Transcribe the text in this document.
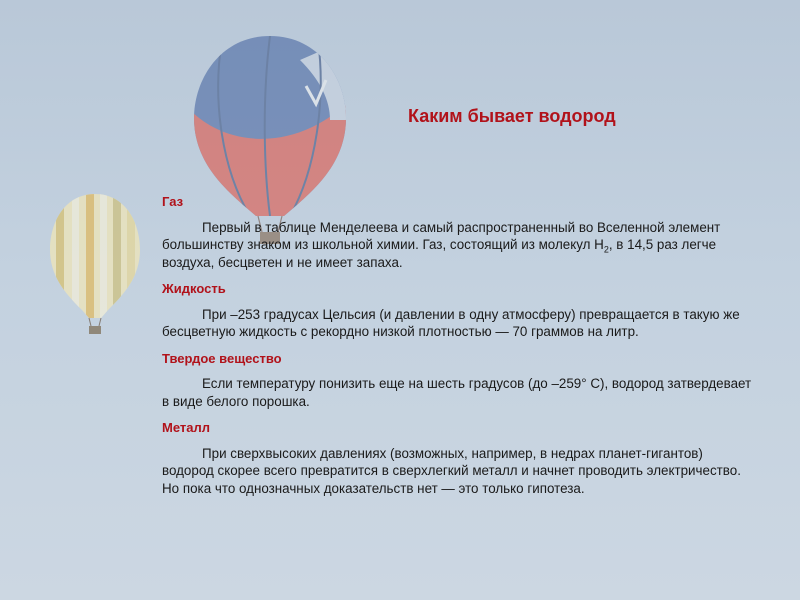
Каким бывает водород

Газ

Первый в таблице Менделеева и самый распространенный во Вселенной элемент большинству знаком из школьной химии. Газ, состоящий из молекул $H_2$, в 14,5 раз легче воздуха, бесцветен и не имеет запаха.

Жидкость

При –253 градусах Цельсия (и давлении в одну атмосферу) превращается в такую же бесцветную жидкость с рекордно низкой плотностью — 70 граммов на литр.

Твердое вещество

Если температуру понизить еще на шесть градусов (до –259° С), водород затвердевает в виде белого порошка.

Металл

При сверхвысоких давлениях (возможных, например, в недрах планет-гигантов) водород скорее всего превратится в сверхлегкий металл и начнет проводить электричество. Но пока что однозначных доказательств нет — это только гипотеза.
